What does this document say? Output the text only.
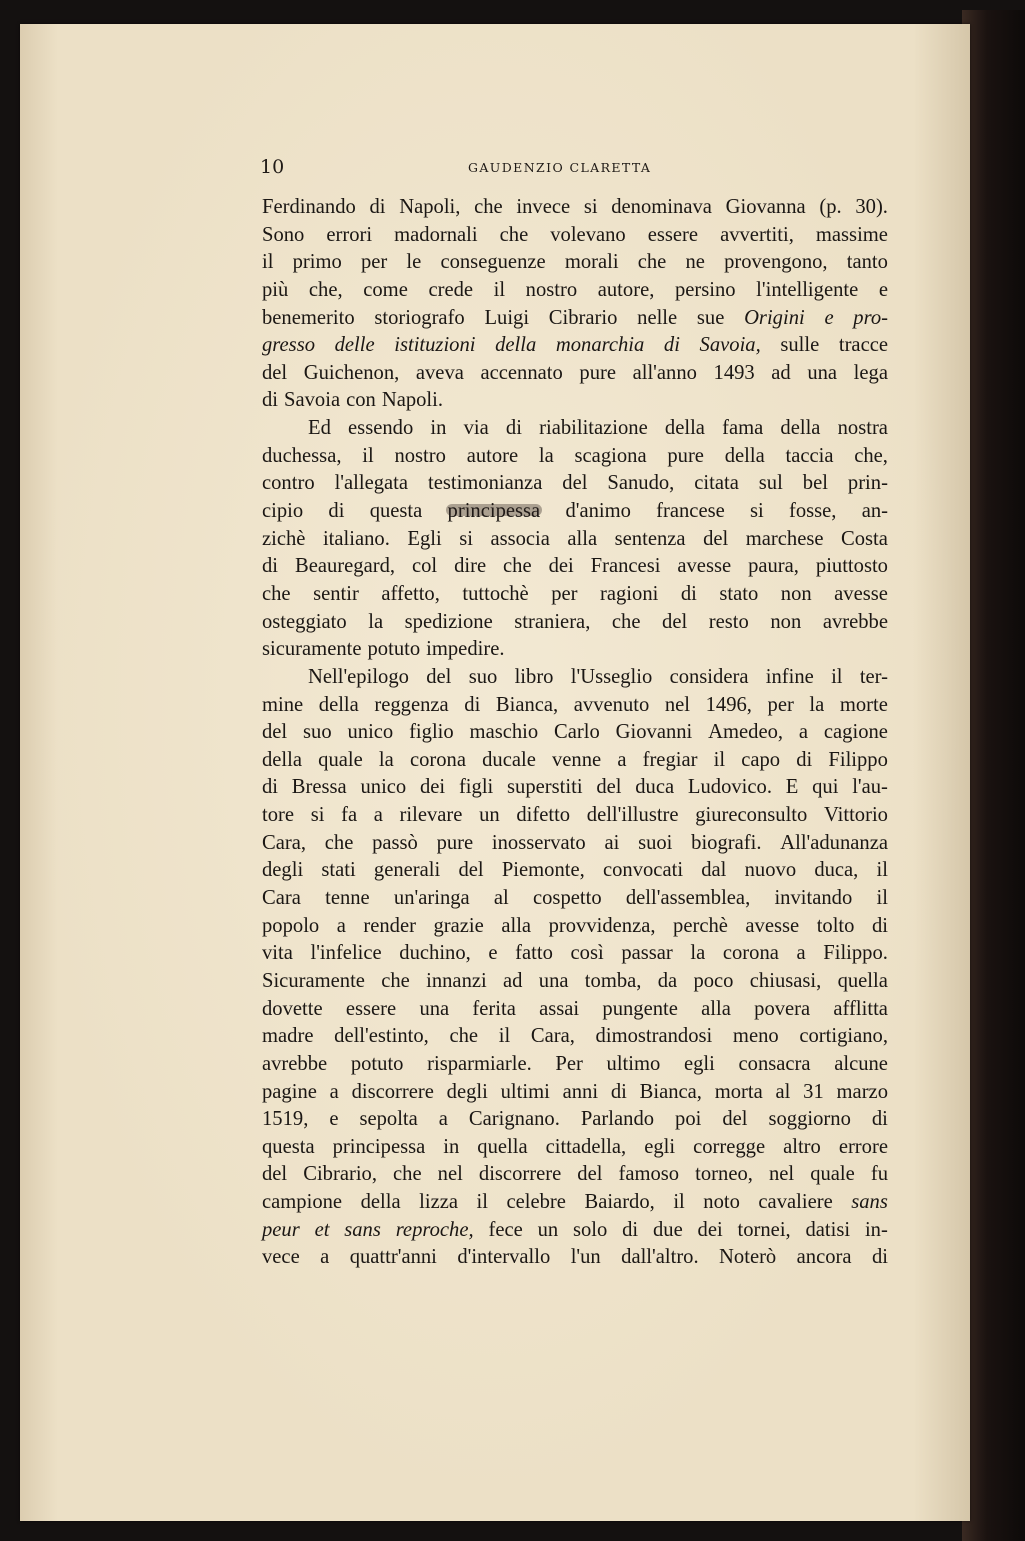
10	GAUDENZIO CLARETTA
Ferdinando di Napoli, che invece si denominava Giovanna (p. 30).
Sono errori madornali che volevano essere avvertiti, massime
il primo per le conseguenze morali che ne provengono, tanto
più che, come crede il nostro autore, persino l'intelligente e
benemerito storiografo Luigi Cibrario nelle sue Origini e pro-
gresso delle istituzioni della monarchia di Savoia, sulle tracce
del Guichenon, aveva accennato pure all'anno 1493 ad una lega
di Savoia con Napoli.
Ed essendo in via di riabilitazione della fama della nostra
duchessa, il nostro autore la scagiona pure della taccia che,
contro l'allegata testimonianza del Sanudo, citata sul bel prin-
cipio di questa principessa d'animo francese si fosse, an-
zichè italiano. Egli si associa alla sentenza del marchese Costa
di Beauregard, col dire che dei Francesi avesse paura, piuttosto
che sentir affetto, tuttochè per ragioni di stato non avesse
osteggiato la spedizione straniera, che del resto non avrebbe
sicuramente potuto impedire.
Nell'epilogo del suo libro l'Usseglio considera infine il ter-
mine della reggenza di Bianca, avvenuto nel 1496, per la morte
del suo unico figlio maschio Carlo Giovanni Amedeo, a cagione
della quale la corona ducale venne a fregiar il capo di Filippo
di Bressa unico dei figli superstiti del duca Ludovico. E qui l'au-
tore si fa a rilevare un difetto dell'illustre giureconsulto Vittorio
Cara, che passò pure inosservato ai suoi biografi. All'adunanza
degli stati generali del Piemonte, convocati dal nuovo duca, il
Cara tenne un'aringa al cospetto dell'assemblea, invitando il
popolo a render grazie alla provvidenza, perchè avesse tolto di
vita l'infelice duchino, e fatto così passar la corona a Filippo.
Sicuramente che innanzi ad una tomba, da poco chiusasi, quella
dovette essere una ferita assai pungente alla povera afflitta
madre dell'estinto, che il Cara, dimostrandosi meno cortigiano,
avrebbe potuto risparmiarle. Per ultimo egli consacra alcune
pagine a discorrere degli ultimi anni di Bianca, morta al 31 marzo
1519, e sepolta a Carignano. Parlando poi del soggiorno di
questa principessa in quella cittadella, egli corregge altro errore
del Cibrario, che nel discorrere del famoso torneo, nel quale fu
campione della lizza il celebre Baiardo, il noto cavaliere sans
peur et sans reproche, fece un solo di due dei tornei, datisi in-
vece a quattr'anni d'intervallo l'un dall'altro. Noterò ancora di
